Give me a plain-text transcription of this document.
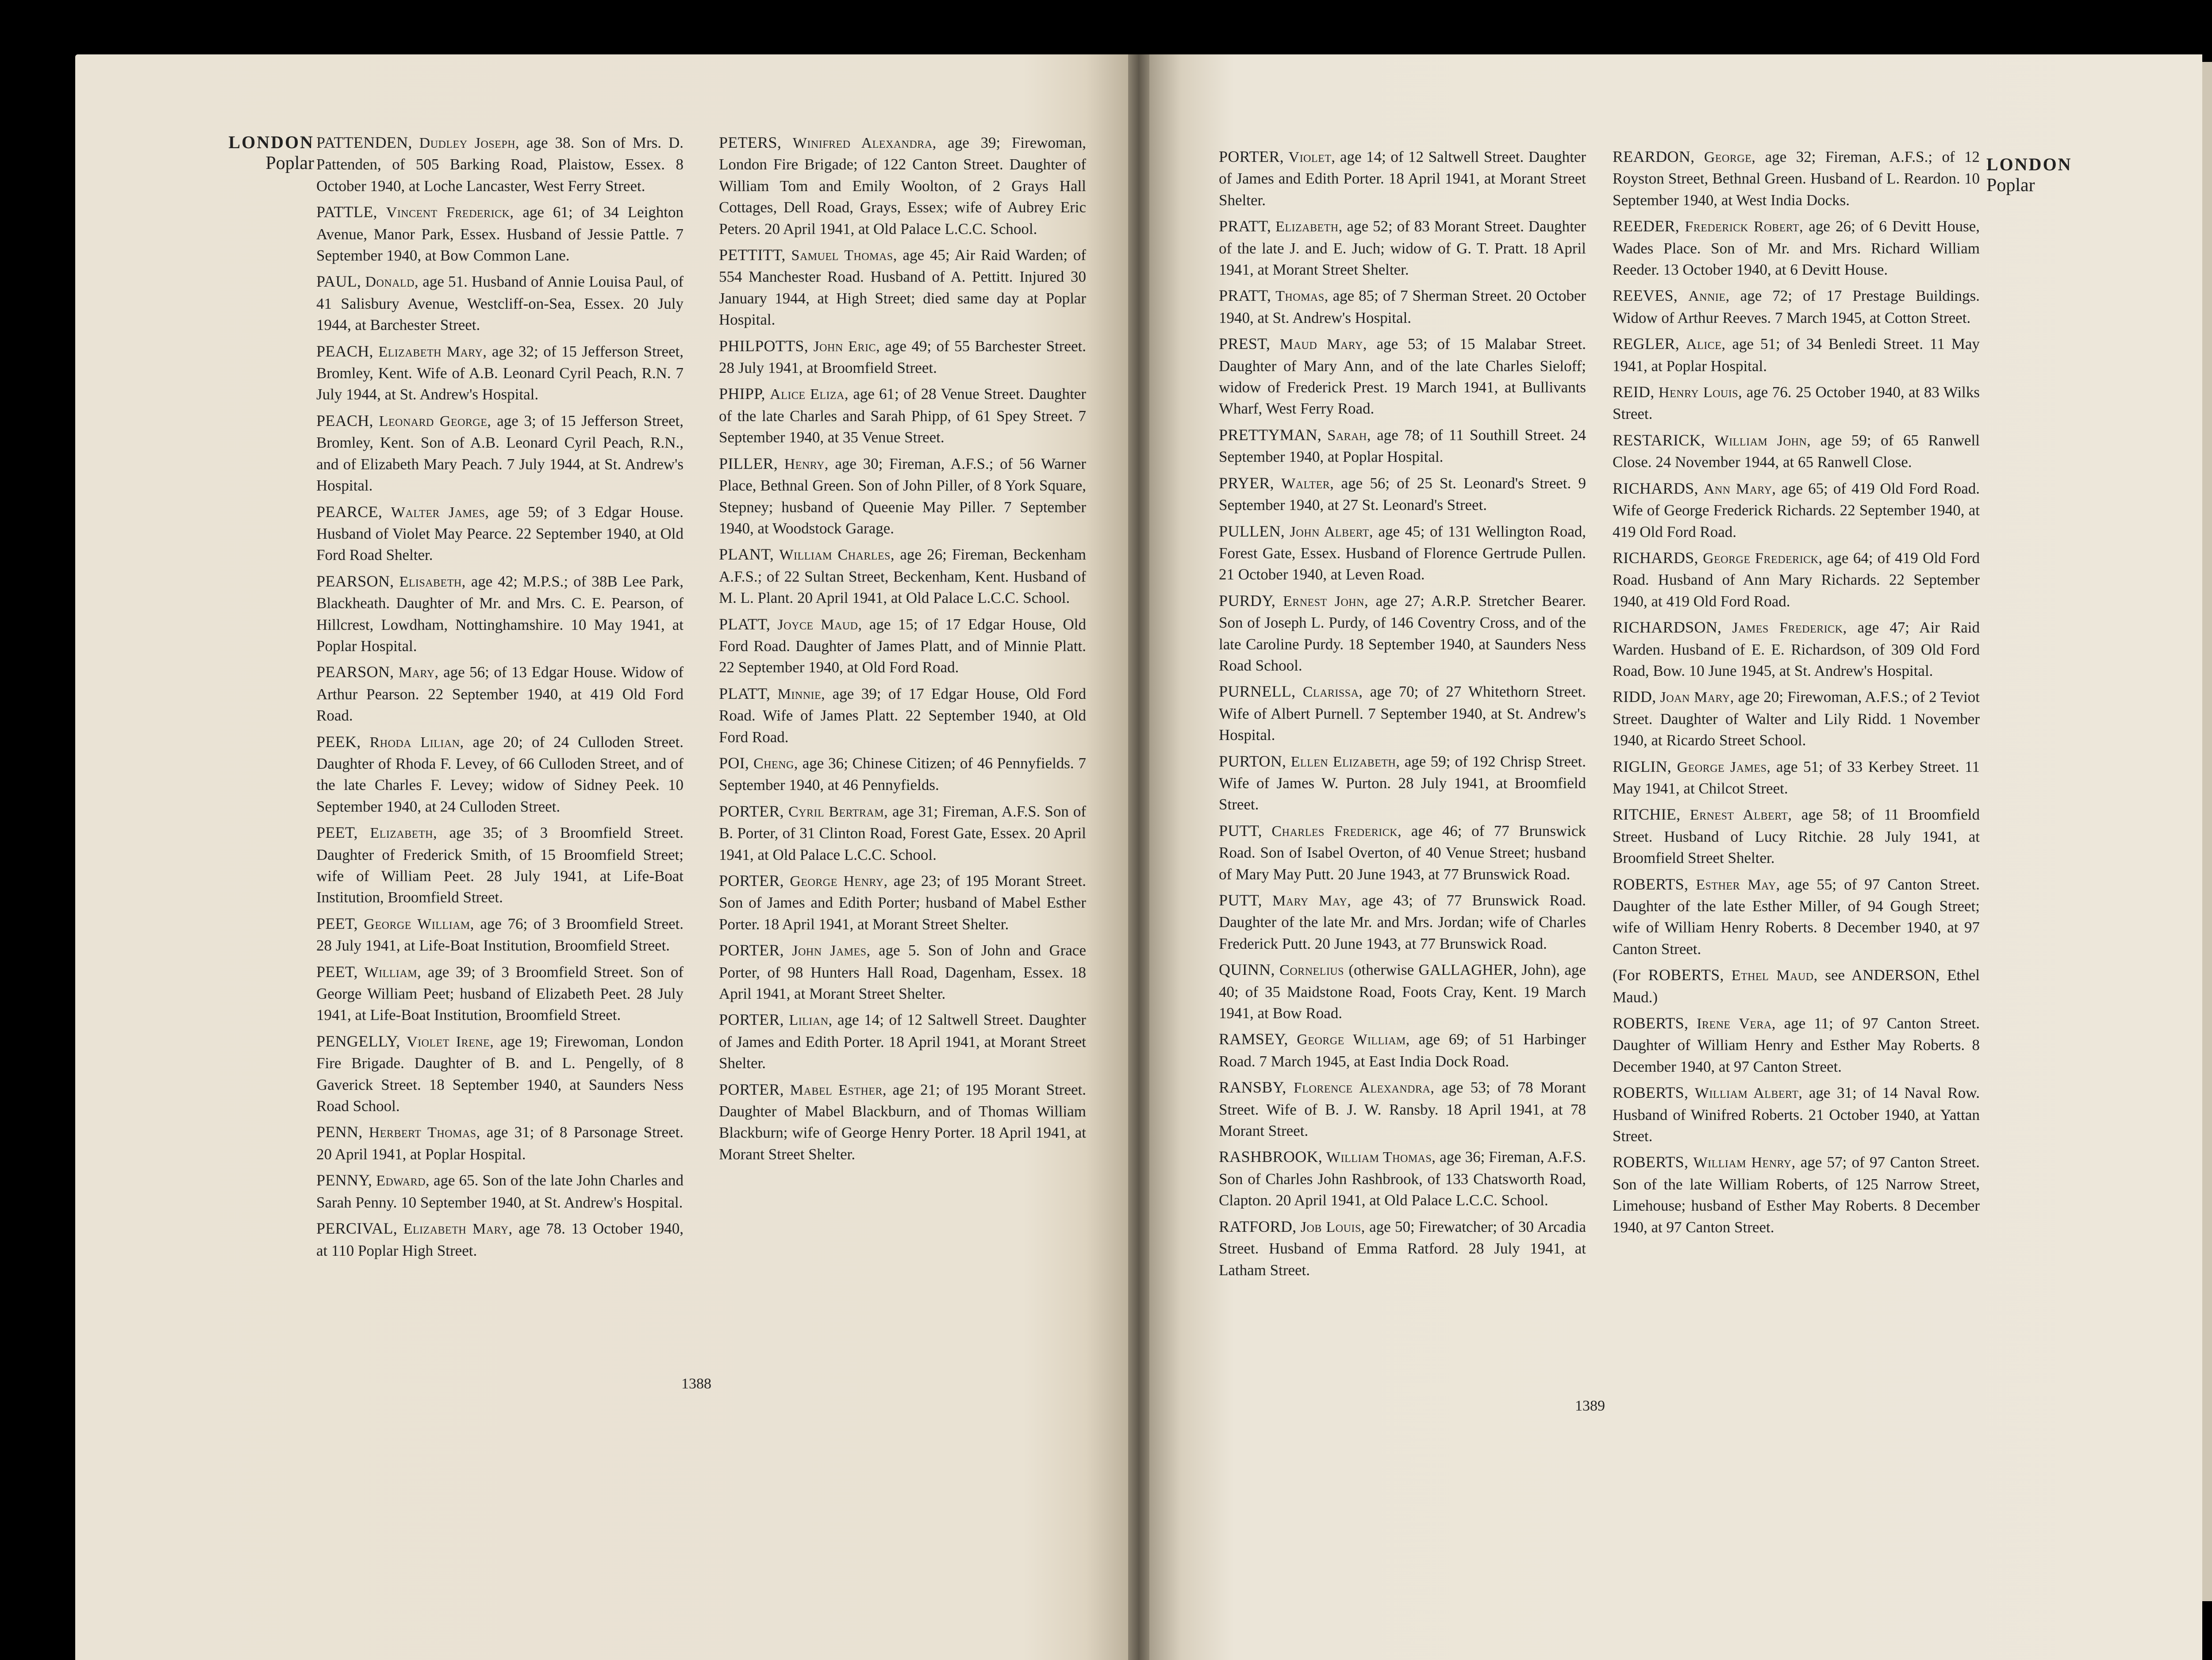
LONDON
Poplar
PATTENDEN, Dudley Joseph, age 38. Son of Mrs. D. Pattenden, of 505 Barking Road, Plaistow, Essex. 8 October 1940, at Loche Lancaster, West Ferry Street.
PATTLE, Vincent Frederick, age 61; of 34 Leighton Avenue, Manor Park, Essex. Husband of Jessie Pattle. 7 September 1940, at Bow Common Lane.
PAUL, Donald, age 51. Husband of Annie Louisa Paul, of 41 Salisbury Avenue, Westcliff-on-Sea, Essex. 20 July 1944, at Barchester Street.
PEACH, Elizabeth Mary, age 32; of 15 Jefferson Street, Bromley, Kent. Wife of A.B. Leonard Cyril Peach, R.N. 7 July 1944, at St. Andrew's Hospital.
PEACH, Leonard George, age 3; of 15 Jefferson Street, Bromley, Kent. Son of A.B. Leonard Cyril Peach, R.N., and of Elizabeth Mary Peach. 7 July 1944, at St. Andrew's Hospital.
PEARCE, Walter James, age 59; of 3 Edgar House. Husband of Violet May Pearce. 22 September 1940, at Old Ford Road Shelter.
PEARSON, Elisabeth, age 42; M.P.S.; of 38B Lee Park, Blackheath. Daughter of Mr. and Mrs. C. E. Pearson, of Hillcrest, Lowdham, Nottinghamshire. 10 May 1941, at Poplar Hospital.
PEARSON, Mary, age 56; of 13 Edgar House. Widow of Arthur Pearson. 22 September 1940, at 419 Old Ford Road.
PEEK, Rhoda Lilian, age 20; of 24 Culloden Street. Daughter of Rhoda F. Levey, of 66 Culloden Street, and of the late Charles F. Levey; widow of Sidney Peek. 10 September 1940, at 24 Culloden Street.
PEET, Elizabeth, age 35; of 3 Broomfield Street. Daughter of Frederick Smith, of 15 Broomfield Street; wife of William Peet. 28 July 1941, at Life-Boat Institution, Broomfield Street.
PEET, George William, age 76; of 3 Broomfield Street. 28 July 1941, at Life-Boat Institution, Broomfield Street.
PEET, William, age 39; of 3 Broomfield Street. Son of George William Peet; husband of Elizabeth Peet. 28 July 1941, at Life-Boat Institution, Broomfield Street.
PENGELLY, Violet Irene, age 19; Firewoman, London Fire Brigade. Daughter of B. and L. Pengelly, of 8 Gaverick Street. 18 September 1940, at Saunders Ness Road School.
PENN, Herbert Thomas, age 31; of 8 Parsonage Street. 20 April 1941, at Poplar Hospital.
PENNY, Edward, age 65. Son of the late John Charles and Sarah Penny. 10 September 1940, at St. Andrew's Hospital.
PERCIVAL, Elizabeth Mary, age 78. 13 October 1940, at 110 Poplar High Street.
PETERS, Winifred Alexandra, age 39; Firewoman, London Fire Brigade; of 122 Canton Street. Daughter of William Tom and Emily Woolton, of 2 Grays Hall Cottages, Dell Road, Grays, Essex; wife of Aubrey Eric Peters. 20 April 1941, at Old Palace L.C.C. School.
PETTITT, Samuel Thomas, age 45; Air Raid Warden; of 554 Manchester Road. Husband of A. Pettitt. Injured 30 January 1944, at High Street; died same day at Poplar Hospital.
PHILPOTTS, John Eric, age 49; of 55 Barchester Street. 28 July 1941, at Broomfield Street.
PHIPP, Alice Eliza, age 61; of 28 Venue Street. Daughter of the late Charles and Sarah Phipp, of 61 Spey Street. 7 September 1940, at 35 Venue Street.
PILLER, Henry, age 30; Fireman, A.F.S.; of 56 Warner Place, Bethnal Green. Son of John Piller, of 8 York Square, Stepney; husband of Queenie May Piller. 7 September 1940, at Woodstock Garage.
PLANT, William Charles, age 26; Fireman, Beckenham A.F.S.; of 22 Sultan Street, Beckenham, Kent. Husband of M. L. Plant. 20 April 1941, at Old Palace L.C.C. School.
PLATT, Joyce Maud, age 15; of 17 Edgar House, Old Ford Road. Daughter of James Platt, and of Minnie Platt. 22 September 1940, at Old Ford Road.
PLATT, Minnie, age 39; of 17 Edgar House, Old Ford Road. Wife of James Platt. 22 September 1940, at Old Ford Road.
POI, Cheng, age 36; Chinese Citizen; of 46 Pennyfields. 7 September 1940, at 46 Pennyfields.
PORTER, Cyril Bertram, age 31; Fireman, A.F.S. Son of B. Porter, of 31 Clinton Road, Forest Gate, Essex. 20 April 1941, at Old Palace L.C.C. School.
PORTER, George Henry, age 23; of 195 Morant Street. Son of James and Edith Porter; husband of Mabel Esther Porter. 18 April 1941, at Morant Street Shelter.
PORTER, John James, age 5. Son of John and Grace Porter, of 98 Hunters Hall Road, Dagenham, Essex. 18 April 1941, at Morant Street Shelter.
PORTER, Lilian, age 14; of 12 Saltwell Street. Daughter of James and Edith Porter. 18 April 1941, at Morant Street Shelter.
PORTER, Mabel Esther, age 21; of 195 Morant Street. Daughter of Mabel Blackburn, and of Thomas William Blackburn; wife of George Henry Porter. 18 April 1941, at Morant Street Shelter.
1388
PORTER, Violet, age 14; of 12 Saltwell Street. Daughter of James and Edith Porter. 18 April 1941, at Morant Street Shelter.
PRATT, Elizabeth, age 52; of 83 Morant Street. Daughter of the late J. and E. Juch; widow of G. T. Pratt. 18 April 1941, at Morant Street Shelter.
PRATT, Thomas, age 85; of 7 Sherman Street. 20 October 1940, at St. Andrew's Hospital.
PREST, Maud Mary, age 53; of 15 Malabar Street. Daughter of Mary Ann, and of the late Charles Sieloff; widow of Frederick Prest. 19 March 1941, at Bullivants Wharf, West Ferry Road.
PRETTYMAN, Sarah, age 78; of 11 Southill Street. 24 September 1940, at Poplar Hospital.
PRYER, Walter, age 56; of 25 St. Leonard's Street. 9 September 1940, at 27 St. Leonard's Street.
PULLEN, John Albert, age 45; of 131 Wellington Road, Forest Gate, Essex. Husband of Florence Gertrude Pullen. 21 October 1940, at Leven Road.
PURDY, Ernest John, age 27; A.R.P. Stretcher Bearer. Son of Joseph L. Purdy, of 146 Coventry Cross, and of the late Caroline Purdy. 18 September 1940, at Saunders Ness Road School.
PURNELL, Clarissa, age 70; of 27 Whitethorn Street. Wife of Albert Purnell. 7 September 1940, at St. Andrew's Hospital.
PURTON, Ellen Elizabeth, age 59; of 192 Chrisp Street. Wife of James W. Purton. 28 July 1941, at Broomfield Street.
PUTT, Charles Frederick, age 46; of 77 Brunswick Road. Son of Isabel Overton, of 40 Venue Street; husband of Mary May Putt. 20 June 1943, at 77 Brunswick Road.
PUTT, Mary May, age 43; of 77 Brunswick Road. Daughter of the late Mr. and Mrs. Jordan; wife of Charles Frederick Putt. 20 June 1943, at 77 Brunswick Road.
QUINN, Cornelius (otherwise GALLAGHER, John), age 40; of 35 Maidstone Road, Foots Cray, Kent. 19 March 1941, at Bow Road.
RAMSEY, George William, age 69; of 51 Harbinger Road. 7 March 1945, at East India Dock Road.
RANSBY, Florence Alexandra, age 53; of 78 Morant Street. Wife of B. J. W. Ransby. 18 April 1941, at 78 Morant Street.
RASHBROOK, William Thomas, age 36; Fireman, A.F.S. Son of Charles John Rashbrook, of 133 Chatsworth Road, Clapton. 20 April 1941, at Old Palace L.C.C. School.
RATFORD, Job Louis, age 50; Firewatcher; of 30 Arcadia Street. Husband of Emma Ratford. 28 July 1941, at Latham Street.
REARDON, George, age 32; Fireman, A.F.S.; of 12 Royston Street, Bethnal Green. Husband of L. Reardon. 10 September 1940, at West India Docks.
REEDER, Frederick Robert, age 26; of 6 Devitt House, Wades Place. Son of Mr. and Mrs. Richard William Reeder. 13 October 1940, at 6 Devitt House.
REEVES, Annie, age 72; of 17 Prestage Buildings. Widow of Arthur Reeves. 7 March 1945, at Cotton Street.
REGLER, Alice, age 51; of 34 Benledi Street. 11 May 1941, at Poplar Hospital.
REID, Henry Louis, age 76. 25 October 1940, at 83 Wilks Street.
RESTARICK, William John, age 59; of 65 Ranwell Close. 24 November 1944, at 65 Ranwell Close.
RICHARDS, Ann Mary, age 65; of 419 Old Ford Road. Wife of George Frederick Richards. 22 September 1940, at 419 Old Ford Road.
RICHARDS, George Frederick, age 64; of 419 Old Ford Road. Husband of Ann Mary Richards. 22 September 1940, at 419 Old Ford Road.
RICHARDSON, James Frederick, age 47; Air Raid Warden. Husband of E. E. Richardson, of 309 Old Ford Road, Bow. 10 June 1945, at St. Andrew's Hospital.
RIDD, Joan Mary, age 20; Firewoman, A.F.S.; of 2 Teviot Street. Daughter of Walter and Lily Ridd. 1 November 1940, at Ricardo Street School.
RIGLIN, George James, age 51; of 33 Kerbey Street. 11 May 1941, at Chilcot Street.
RITCHIE, Ernest Albert, age 58; of 11 Broomfield Street. Husband of Lucy Ritchie. 28 July 1941, at Broomfield Street Shelter.
ROBERTS, Esther May, age 55; of 97 Canton Street. Daughter of the late Esther Miller, of 94 Gough Street; wife of William Henry Roberts. 8 December 1940, at 97 Canton Street.
(For ROBERTS, Ethel Maud, see ANDERSON, Ethel Maud.)
ROBERTS, Irene Vera, age 11; of 97 Canton Street. Daughter of William Henry and Esther May Roberts. 8 December 1940, at 97 Canton Street.
ROBERTS, William Albert, age 31; of 14 Naval Row. Husband of Winifred Roberts. 21 October 1940, at Yattan Street.
ROBERTS, William Henry, age 57; of 97 Canton Street. Son of the late William Roberts, of 125 Narrow Street, Limehouse; husband of Esther May Roberts. 8 December 1940, at 97 Canton Street.
LONDON
Poplar
1389
